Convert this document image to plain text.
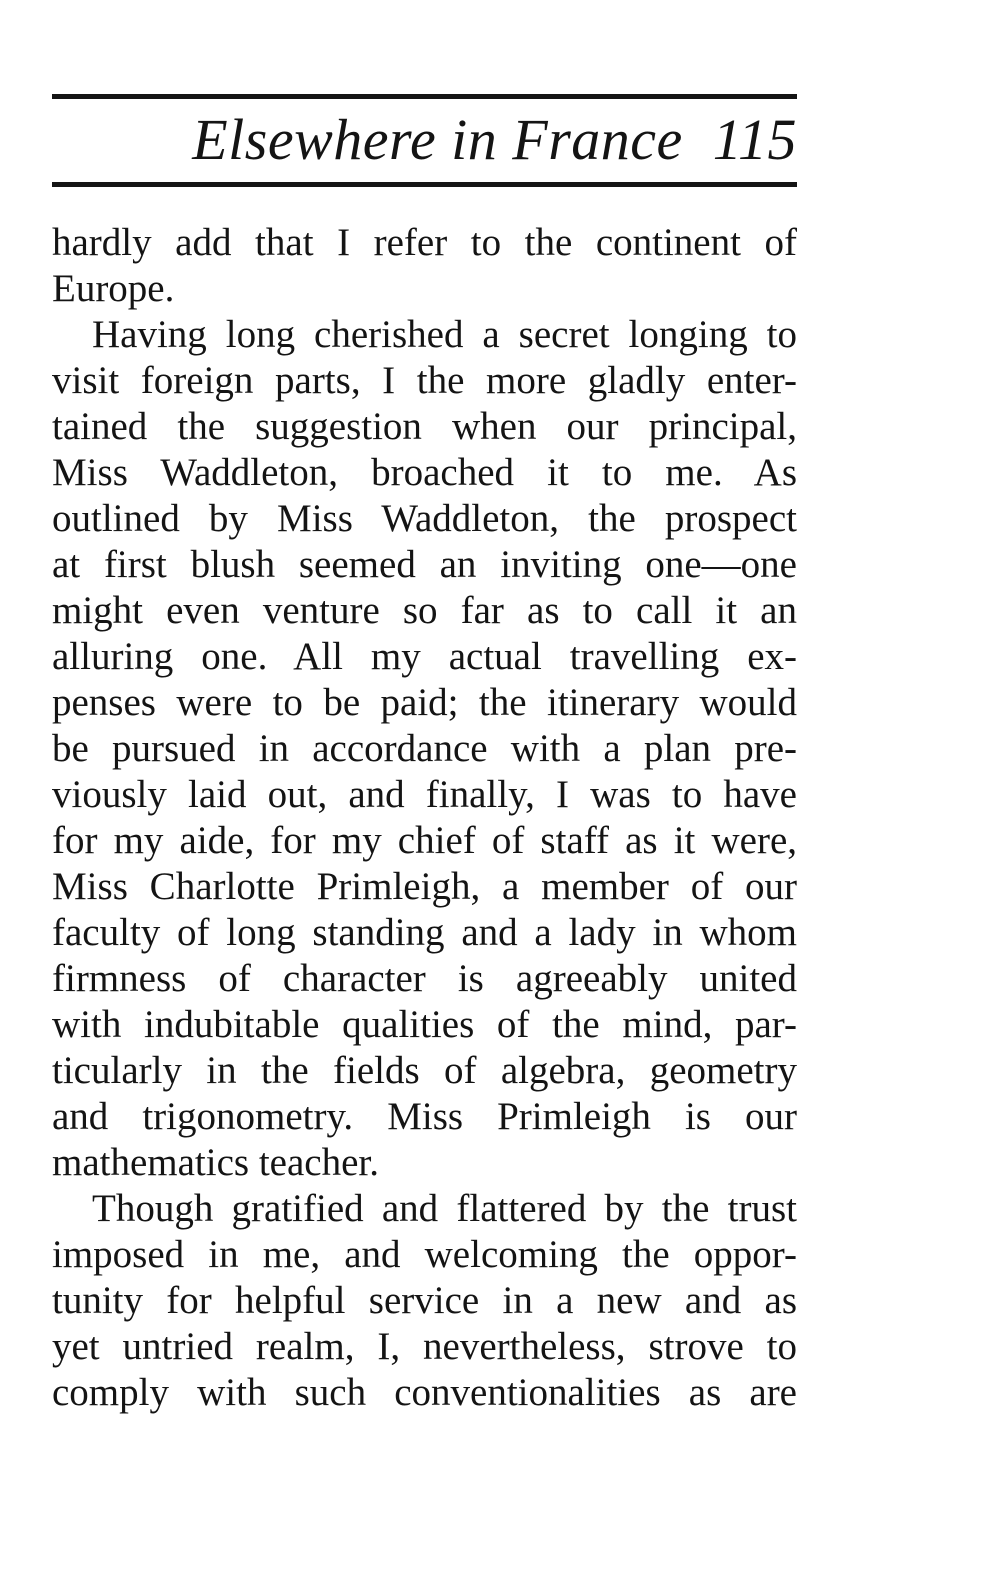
Elsewhere in France 115
hardly add that I refer to the continent of
Europe.
Having long cherished a secret longing to
visit foreign parts, I the more gladly enter-
tained the suggestion when our principal,
Miss Waddleton, broached it to me. As
outlined by Miss Waddleton, the prospect
at first blush seemed an inviting one—one
might even venture so far as to call it an
alluring one. All my actual travelling ex-
penses were to be paid; the itinerary would
be pursued in accordance with a plan pre-
viously laid out, and finally, I was to have
for my aide, for my chief of staff as it were,
Miss Charlotte Primleigh, a member of our
faculty of long standing and a lady in whom
firmness of character is agreeably united
with indubitable qualities of the mind, par-
ticularly in the fields of algebra, geometry
and trigonometry. Miss Primleigh is our
mathematics teacher.
Though gratified and flattered by the trust
imposed in me, and welcoming the oppor-
tunity for helpful service in a new and as
yet untried realm, I, nevertheless, strove to
comply with such conventionalities as are
